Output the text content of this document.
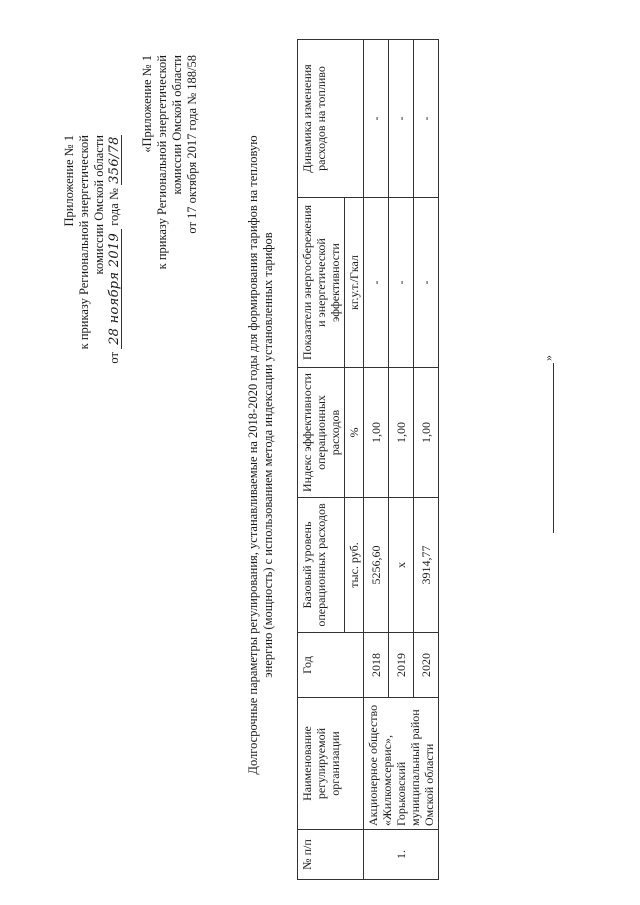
Приложение № 1 к приказу Региональной энергетической комиссии Омской области
от 28 ноября 2019 года № 356/78
«Приложение № 1 к приказу Региональной энергетической комиссии Омской области от 17 октября 2017 года № 188/58	Долгосрочные параметры регулирования, устанавливаемые на 2018-2020 годы для формирования тарифов на тепловую энергию (мощность) с использованием метода индексации установленных тарифов
№ п/п	Наименование регулируемой организации	Год	Базовый уровень операционных расходов	Индекс эффективности операционных расходов	Показатели энергосбережения и энергетической эффективности	Динамика изменения расходов на топливо
			тыс. руб.	%	кг.у.т./Гкал	
1.	Акционерное общество «Жилкомсервис», Горьковский муниципальный район Омской области	2018	5256,60	1,00	-	-
		2019	x	1,00	-	-
		2020	3914,77	1,00	-	-
»
